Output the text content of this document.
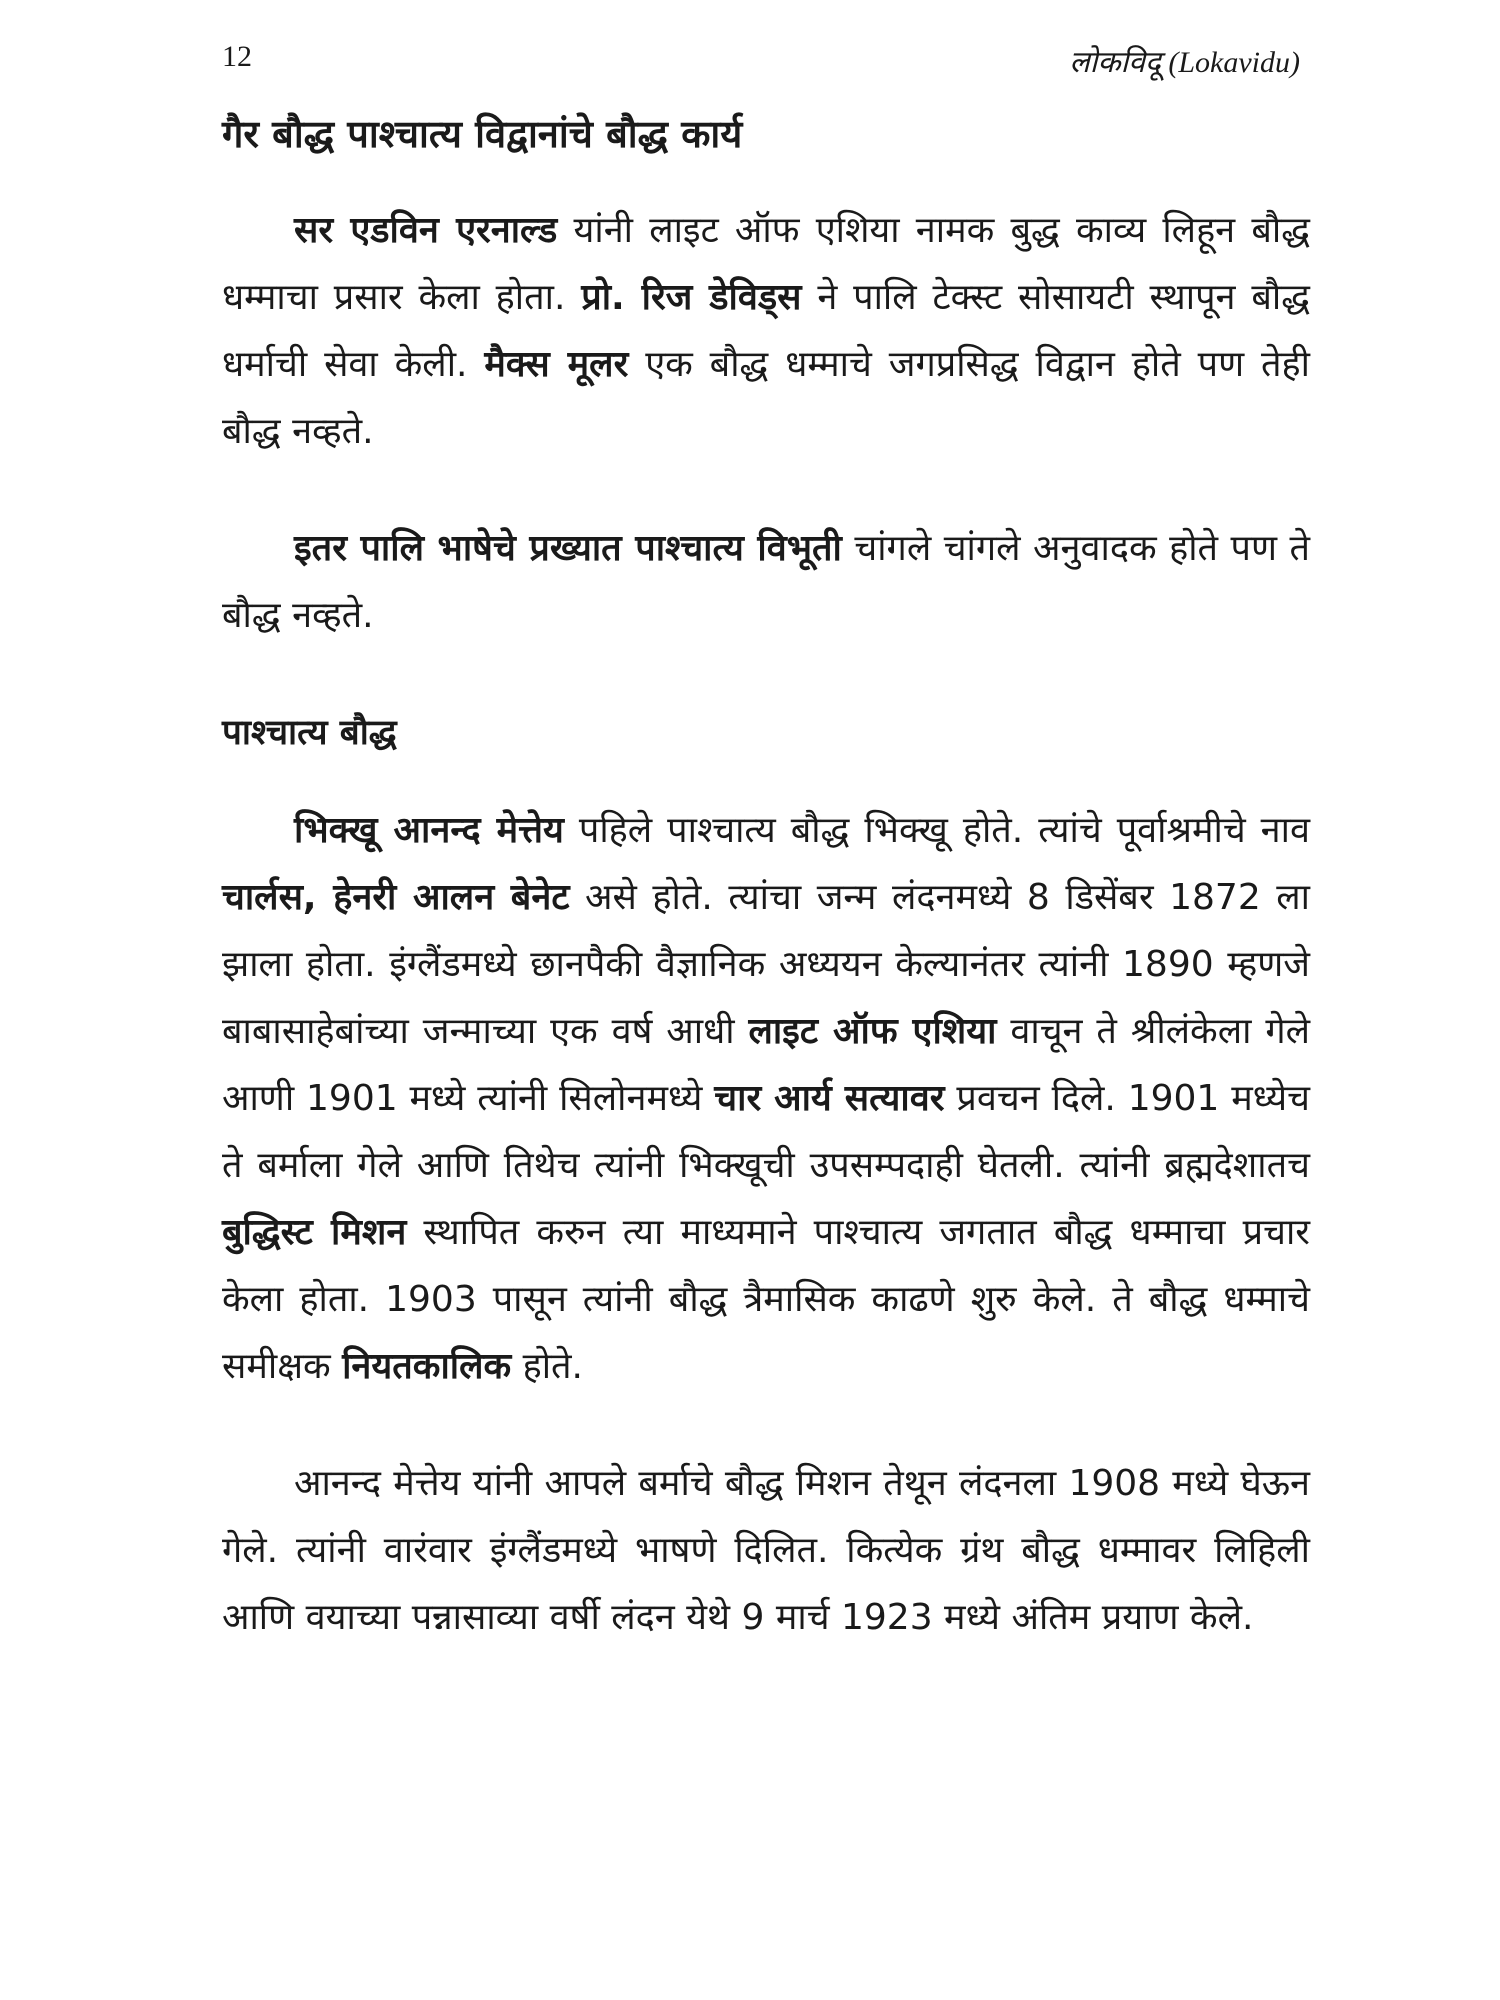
12	लोकविदू (Lokavidu)
गैर बौद्ध पाश्चात्य विद्वानांचे बौद्ध कार्य

सर एडविन एरनाल्ड यांनी लाइट ऑफ एशिया नामक बुद्ध काव्य लिहून बौद्ध धम्माचा प्रसार केला होता. प्रो. रिज डेविड्स ने पालि टेक्स्ट सोसायटी स्थापून बौद्ध धर्माची सेवा केली. मैक्स मूलर एक बौद्ध धम्माचे जगप्रसिद्ध विद्वान होते पण तेही बौद्ध नव्हते.

इतर पालि भाषेचे प्रख्यात पाश्चात्य विभूती चांगले चांगले अनुवादक होते पण ते बौद्ध नव्हते.

पाश्चात्य बौद्ध

भिक्खू आनन्द मेत्तेय पहिले पाश्चात्य बौद्ध भिक्खू होते. त्यांचे पूर्वाश्रमीचे नाव चार्लस, हेनरी आलन बेनेट असे होते. त्यांचा जन्म लंदनमध्ये 8 डिसेंबर 1872 ला झाला होता. इंग्लैंडमध्ये छानपैकी वैज्ञानिक अध्ययन केल्यानंतर त्यांनी 1890 म्हणजे बाबासाहेबांच्या जन्माच्या एक वर्ष आधी लाइट ऑफ एशिया वाचून ते श्रीलंकेला गेले आणी 1901 मध्ये त्यांनी सिलोनमध्ये चार आर्य सत्यावर प्रवचन दिले. 1901 मध्येच ते बर्माला गेले आणि तिथेच त्यांनी भिक्खूची उपसम्पदाही घेतली. त्यांनी ब्रह्मदेशातच बुद्धिस्ट मिशन स्थापित करुन त्या माध्यमाने पाश्चात्य जगतात बौद्ध धम्माचा प्रचार केला होता. 1903 पासून त्यांनी बौद्ध त्रैमासिक काढणे शुरु केले. ते बौद्ध धम्माचे समीक्षक नियतकालिक होते.

आनन्द मेत्तेय यांनी आपले बर्माचे बौद्ध मिशन तेथून लंदनला 1908 मध्ये घेऊन गेले. त्यांनी वारंवार इंग्लैंडमध्ये भाषणे दिलित. कित्येक ग्रंथ बौद्ध धम्मावर लिहिली आणि वयाच्या पन्नासाव्या वर्षी लंदन येथे 9 मार्च 1923 मध्ये अंतिम प्रयाण केले.
